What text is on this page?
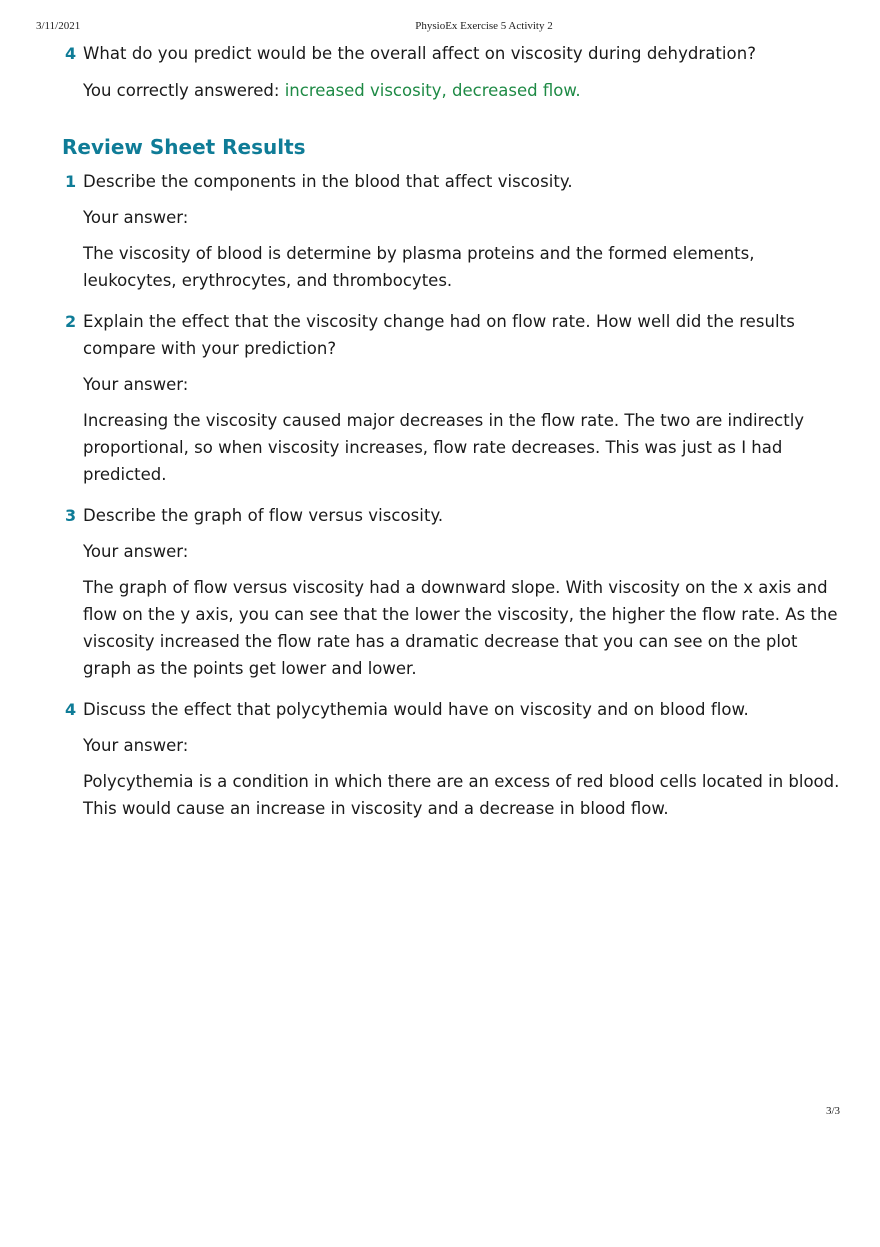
3/11/2021	PhysioEx Exercise 5 Activity 2
4 What do you predict would be the overall affect on viscosity during dehydration?

You correctly answered: increased viscosity, decreased flow.

Review Sheet Results
1 Describe the components in the blood that affect viscosity.

Your answer:

The viscosity of blood is determine by plasma proteins and the formed elements, leukocytes, erythrocytes, and thrombocytes.

2 Explain the effect that the viscosity change had on flow rate. How well did the results compare with your prediction?

Your answer:

Increasing the viscosity caused major decreases in the flow rate. The two are indirectly proportional, so when viscosity increases, flow rate decreases. This was just as I had predicted.

3 Describe the graph of flow versus viscosity.

Your answer:

The graph of flow versus viscosity had a downward slope. With viscosity on the x axis and flow on the y axis, you can see that the lower the viscosity, the higher the flow rate. As the viscosity increased the flow rate has a dramatic decrease that you can see on the plot graph as the points get lower and lower.

4 Discuss the effect that polycythemia would have on viscosity and on blood flow.

Your answer:

Polycythemia is a condition in which there are an excess of red blood cells located in blood. This would cause an increase in viscosity and a decrease in blood flow.

3/3
